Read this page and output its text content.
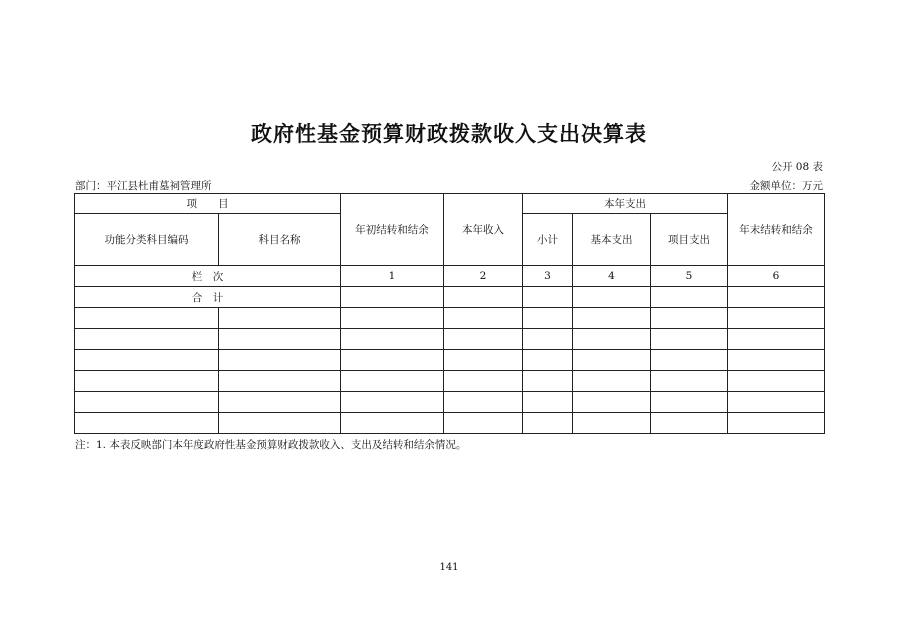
政府性基金预算财政拨款收入支出决算表
公开 08 表
部门：平江县杜甫墓祠管理所	金额单位：万元
项　　目		年初结转和结余	本年收入	本年支出			年末结转和结余
功能分类科目编码	科目名称			小计	基本支出	项目支出	
栏　次		1	2	3	4	5	6
合　计							

注：1. 本表反映部门本年度政府性基金预算财政拨款收入、支出及结转和结余情况。
141
